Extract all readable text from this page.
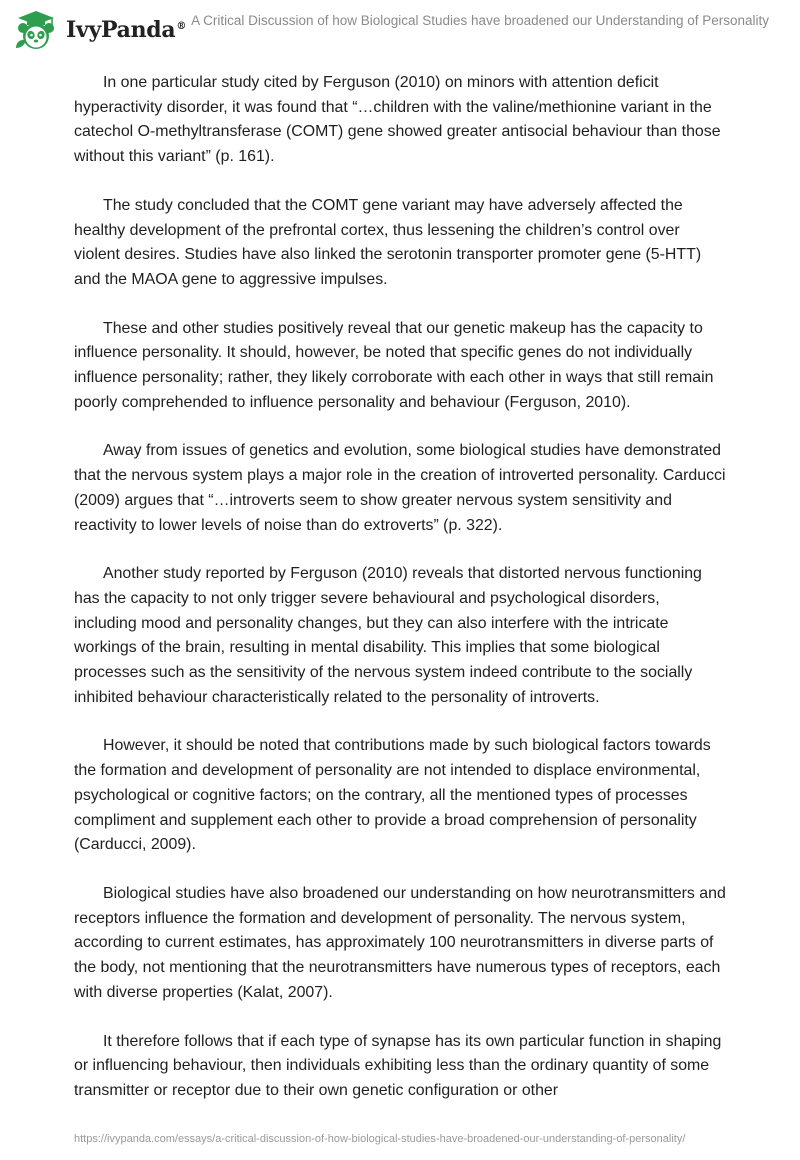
IvyPanda® A Critical Discussion of how Biological Studies have broadened our Understanding of Personality

In one particular study cited by Ferguson (2010) on minors with attention deficit hyperactivity disorder, it was found that “…children with the valine/methionine variant in the catechol O-methyltransferase (COMT) gene showed greater antisocial behaviour than those without this variant” (p. 161).

The study concluded that the COMT gene variant may have adversely affected the healthy development of the prefrontal cortex, thus lessening the children’s control over violent desires. Studies have also linked the serotonin transporter promoter gene (5-HTT) and the MAOA gene to aggressive impulses.

These and other studies positively reveal that our genetic makeup has the capacity to influence personality. It should, however, be noted that specific genes do not individually influence personality; rather, they likely corroborate with each other in ways that still remain poorly comprehended to influence personality and behaviour (Ferguson, 2010).

Away from issues of genetics and evolution, some biological studies have demonstrated that the nervous system plays a major role in the creation of introverted personality. Carducci (2009) argues that “…introverts seem to show greater nervous system sensitivity and reactivity to lower levels of noise than do extroverts” (p. 322).

Another study reported by Ferguson (2010) reveals that distorted nervous functioning has the capacity to not only trigger severe behavioural and psychological disorders, including mood and personality changes, but they can also interfere with the intricate workings of the brain, resulting in mental disability. This implies that some biological processes such as the sensitivity of the nervous system indeed contribute to the socially inhibited behaviour characteristically related to the personality of introverts.

However, it should be noted that contributions made by such biological factors towards the formation and development of personality are not intended to displace environmental, psychological or cognitive factors; on the contrary, all the mentioned types of processes compliment and supplement each other to provide a broad comprehension of personality (Carducci, 2009).

Biological studies have also broadened our understanding on how neurotransmitters and receptors influence the formation and development of personality. The nervous system, according to current estimates, has approximately 100 neurotransmitters in diverse parts of the body, not mentioning that the neurotransmitters have numerous types of receptors, each with diverse properties (Kalat, 2007).

It therefore follows that if each type of synapse has its own particular function in shaping or influencing behaviour, then individuals exhibiting less than the ordinary quantity of some transmitter or receptor due to their own genetic configuration or other

https://ivypanda.com/essays/a-critical-discussion-of-how-biological-studies-have-broadened-our-understanding-of-personality/
